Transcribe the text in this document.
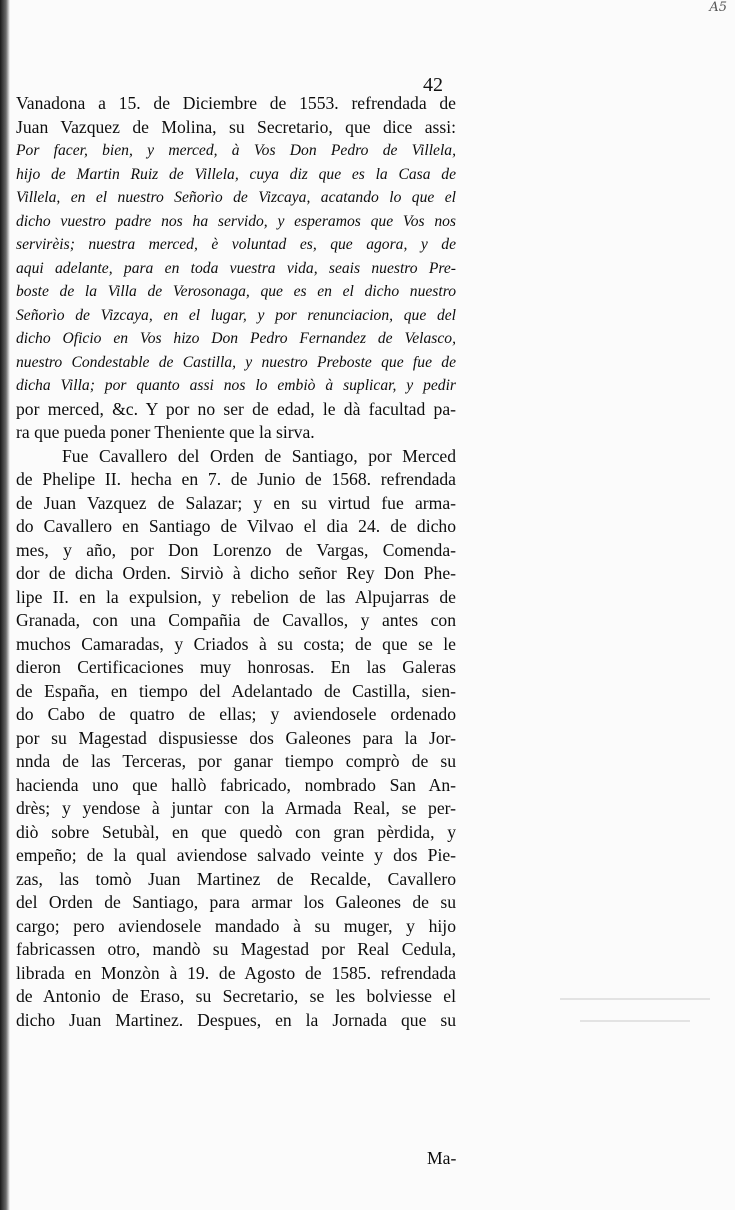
A5
42
Vanadona a 15. de Diciembre de 1553. refrendada de
Juan Vazquez de Molina, su Secretario, que dice assi:
Por facer, bien, y merced, à Vos Don Pedro de Villela,
hijo de Martin Ruiz de Villela, cuya diz que es la Casa de
Villela, en el nuestro Señorìo de Vizcaya, acatando lo que el
dicho vuestro padre nos ha servido, y esperamos que Vos nos
servirèis; nuestra merced, è voluntad es, que agora, y de
aqui adelante, para en toda vuestra vida, seais nuestro Pre-
boste de la Villa de Verosonaga, que es en el dicho nuestro
Señorìo de Vizcaya, en el lugar, y por renunciacion, que del
dicho Oficio en Vos hizo Don Pedro Fernandez de Velasco,
nuestro Condestable de Castilla, y nuestro Preboste que fue de
dicha Villa; por quanto assi nos lo embiò à suplicar, y pedir
por merced, &c. Y por no ser de edad, le dà facultad pa-
ra que pueda poner Theniente que la sirva.
Fue Cavallero del Orden de Santiago, por Merced
de Phelipe II. hecha en 7. de Junio de 1568. refrendada
de Juan Vazquez de Salazar; y en su virtud fue arma-
do Cavallero en Santiago de Vilvao el dia 24. de dicho
mes, y año, por Don Lorenzo de Vargas, Comenda-
dor de dicha Orden. Sirviò à dicho señor Rey Don Phe-
lipe II. en la expulsion, y rebelion de las Alpujarras de
Granada, con una Compañia de Cavallos, y antes con
muchos Camaradas, y Criados à su costa; de que se le
dieron Certificaciones muy honrosas. En las Galeras
de España, en tiempo del Adelantado de Castilla, sien-
do Cabo de quatro de ellas; y aviendosele ordenado
por su Magestad dispusiesse dos Galeones para la Jor-
nnda de las Terceras, por ganar tiempo comprò de su
hacienda uno que hallò fabricado, nombrado San An-
drès; y yendose à juntar con la Armada Real, se per-
diò sobre Setubàl, en que quedò con gran pèrdida, y
empeño; de la qual aviendose salvado veinte y dos Pie-
zas, las tomò Juan Martinez de Recalde, Cavallero
del Orden de Santiago, para armar los Galeones de su
cargo; pero aviendosele mandado à su muger, y hijo
fabricassen otro, mandò su Magestad por Real Cedula,
librada en Monzòn à 19. de Agosto de 1585. refrendada
de Antonio de Eraso, su Secretario, se les bolviesse el
dicho Juan Martinez. Despues, en la Jornada que su
Ma-
